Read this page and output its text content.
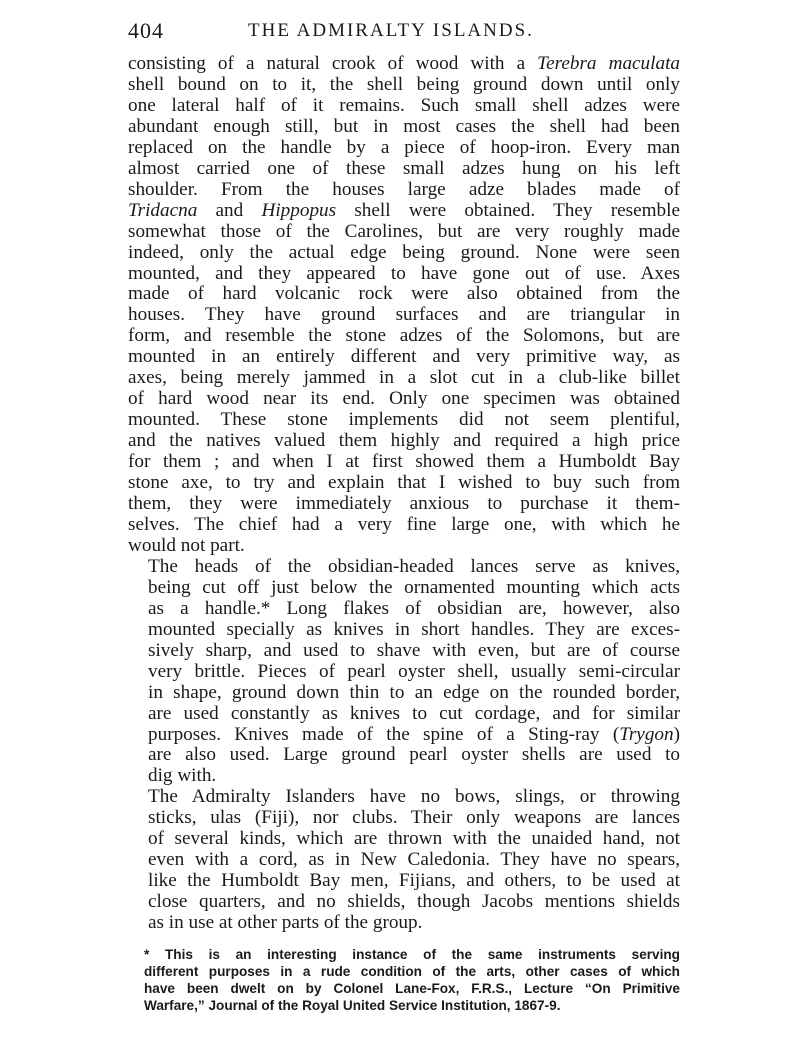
404	THE ADMIRALTY ISLANDS.

consisting of a natural crook of wood with a Terebra maculata
shell bound on to it, the shell being ground down until only
one lateral half of it remains. Such small shell adzes were
abundant enough still, but in most cases the shell had been
replaced on the handle by a piece of hoop-iron. Every man
almost carried one of these small adzes hung on his left
shoulder. From the houses large adze blades made of
Tridacna and Hippopus shell were obtained. They resemble
somewhat those of the Carolines, but are very roughly made
indeed, only the actual edge being ground. None were seen
mounted, and they appeared to have gone out of use. Axes
made of hard volcanic rock were also obtained from the
houses. They have ground surfaces and are triangular in
form, and resemble the stone adzes of the Solomons, but are
mounted in an entirely different and very primitive way, as
axes, being merely jammed in a slot cut in a club-like billet
of hard wood near its end. Only one specimen was obtained
mounted. These stone implements did not seem plentiful,
and the natives valued them highly and required a high price
for them ; and when I at first showed them a Humboldt Bay
stone axe, to try and explain that I wished to buy such from
them, they were immediately anxious to purchase it them-
selves. The chief had a very fine large one, with which he
would not part.

The heads of the obsidian-headed lances serve as knives,
being cut off just below the ornamented mounting which acts
as a handle.* Long flakes of obsidian are, however, also
mounted specially as knives in short handles. They are exces-
sively sharp, and used to shave with even, but are of course
very brittle. Pieces of pearl oyster shell, usually semi-circular
in shape, ground down thin to an edge on the rounded border,
are used constantly as knives to cut cordage, and for similar
purposes. Knives made of the spine of a Sting-ray (Trygon)
are also used. Large ground pearl oyster shells are used to
dig with.

The Admiralty Islanders have no bows, slings, or throwing
sticks, ulas (Fiji), nor clubs. Their only weapons are lances
of several kinds, which are thrown with the unaided hand, not
even with a cord, as in New Caledonia. They have no spears,
like the Humboldt Bay men, Fijians, and others, to be used at
close quarters, and no shields, though Jacobs mentions shields
as in use at other parts of the group.

* This is an interesting instance of the same instruments serving
different purposes in a rude condition of the arts, other cases of which
have been dwelt on by Colonel Lane-Fox, F.R.S., Lecture “On Primitive
Warfare,” Journal of the Royal United Service Institution, 1867-9.
